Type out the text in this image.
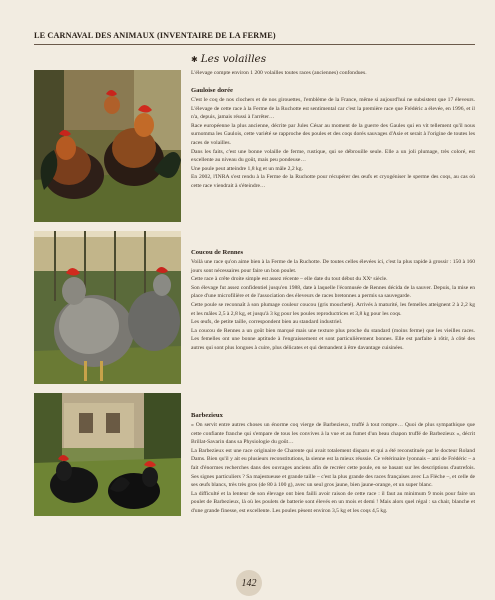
LE CARNAVAL DES ANIMAUX (INVENTAIRE DE LA FERME)
✱ Les volailles

L'élevage compte environ 1 200 volailles toutes races (anciennes) confondues.

Gauloise dorée

C'est le coq de nos clochers et de nos girouettes, l'emblème de la France, même si aujourd'hui ne subsistent que 17 éleveurs. L'élevage de cette race à la Ferme de la Ruchotte est sentimental car c'est la première race que Frédéric a élevée, en 1996, et il n'a, depuis, jamais réussi à l'arrêter…

Race européenne la plus ancienne, décrite par Jules César au moment de la guerre des Gaules qui en vit tellement qu'il nous surnomma les Gaulois, cette variété se rapproche des poules et des coqs dorés sauvages d'Asie et serait à l'origine de toutes les races de volailles.

Dans les faits, c'est une bonne volaille de ferme, rustique, qui se débrouille seule. Elle a un joli plumage, très coloré, est excellente au niveau du goût, mais peu pondeuse…

Une poule peut atteindre 1,8 kg et un mâle 2,2 kg.

En 2002, l'INRA s'est rendu à la Ferme de la Ruchotte pour récupérer des œufs et cryogéniser le sperme des coqs, au cas où cette race viendrait à s'éteindre…

Coucou de Rennes

Voilà une race qu'on aime bien à la Ferme de la Ruchotte. De toutes celles élevées ici, c'est la plus rapide à grossir : 150 à 160 jours sont nécessaires pour faire un bon poulet.

Cette race à crête droite simple est assez récente – elle date du tout début du XXᵉ siècle.

Son élevage fut assez confidentiel jusqu'en 1988, date à laquelle l'écomusée de Rennes décida de la sauver. Depuis, la mise en place d'une microfilière et de l'association des éleveurs de races bretonnes a permis sa sauvegarde.

Cette poule se reconnaît à son plumage couleur coucou (gris moucheté). Arrivés à maturité, les femelles atteignent 2 à 2,2 kg et les mâles 2,5 à 2,8 kg, et jusqu'à 3 kg pour les poules reproductrices et 3,8 kg pour les coqs.

Les œufs, de petite taille, correspondent bien au standard industriel.

La coucou de Rennes a un goût bien marqué mais une texture plus proche du standard (moins ferme) que les vieilles races. Les femelles ont une bonne aptitude à l'engraissement et sont particulièrement bonnes. Elle est parfaite à rôtir, à côté des autres qui sont plus longues à cuire, plus délicates et qui demandent à être davantage cuisinées.

Barbezieux

« On servit entre autres choses un énorme coq vierge de Barbezieux, truffé à tout rompre… Quoi de plus sympathique que cette confiante franche qui s'empare de tous les convives à la vue et au fumet d'un beau chapon truffé de Barbezieux », décrit Brillat-Savarin dans sa Physiologie du goût…

La Barbezieux est une race originaire de Charente qui avait totalement disparu et qui a été reconstituée par le docteur Roland Dams. Bien qu'il y ait eu plusieurs reconstitutions, la sienne est la mieux réussie. Ce vétérinaire lyonnais – ami de Frédéric – a fait d'énormes recherches dans des ouvrages anciens afin de recréer cette poule, en se basant sur les descriptions d'autrefois. Ses signes particuliers ? Sa majestueuse et grande taille – c'est la plus grande des races françaises avec La Flèche –, et celle de ses œufs blancs, très très gros (de 80 à 100 g), avec un seul gros jaune, bien jaune-orange, et un super blanc.

La difficulté et la lenteur de son élevage ont bien failli avoir raison de cette race : il faut au minimum 9 mois pour faire un poulet de Barbezieux, là où les poulets de batterie sont élevés en un mois et demi ! Mais alors quel régal : sa chair, blanche et d'une grande finesse, est excellente. Les poules pèsent environ 3,5 kg et les coqs 4,5 kg.

142
